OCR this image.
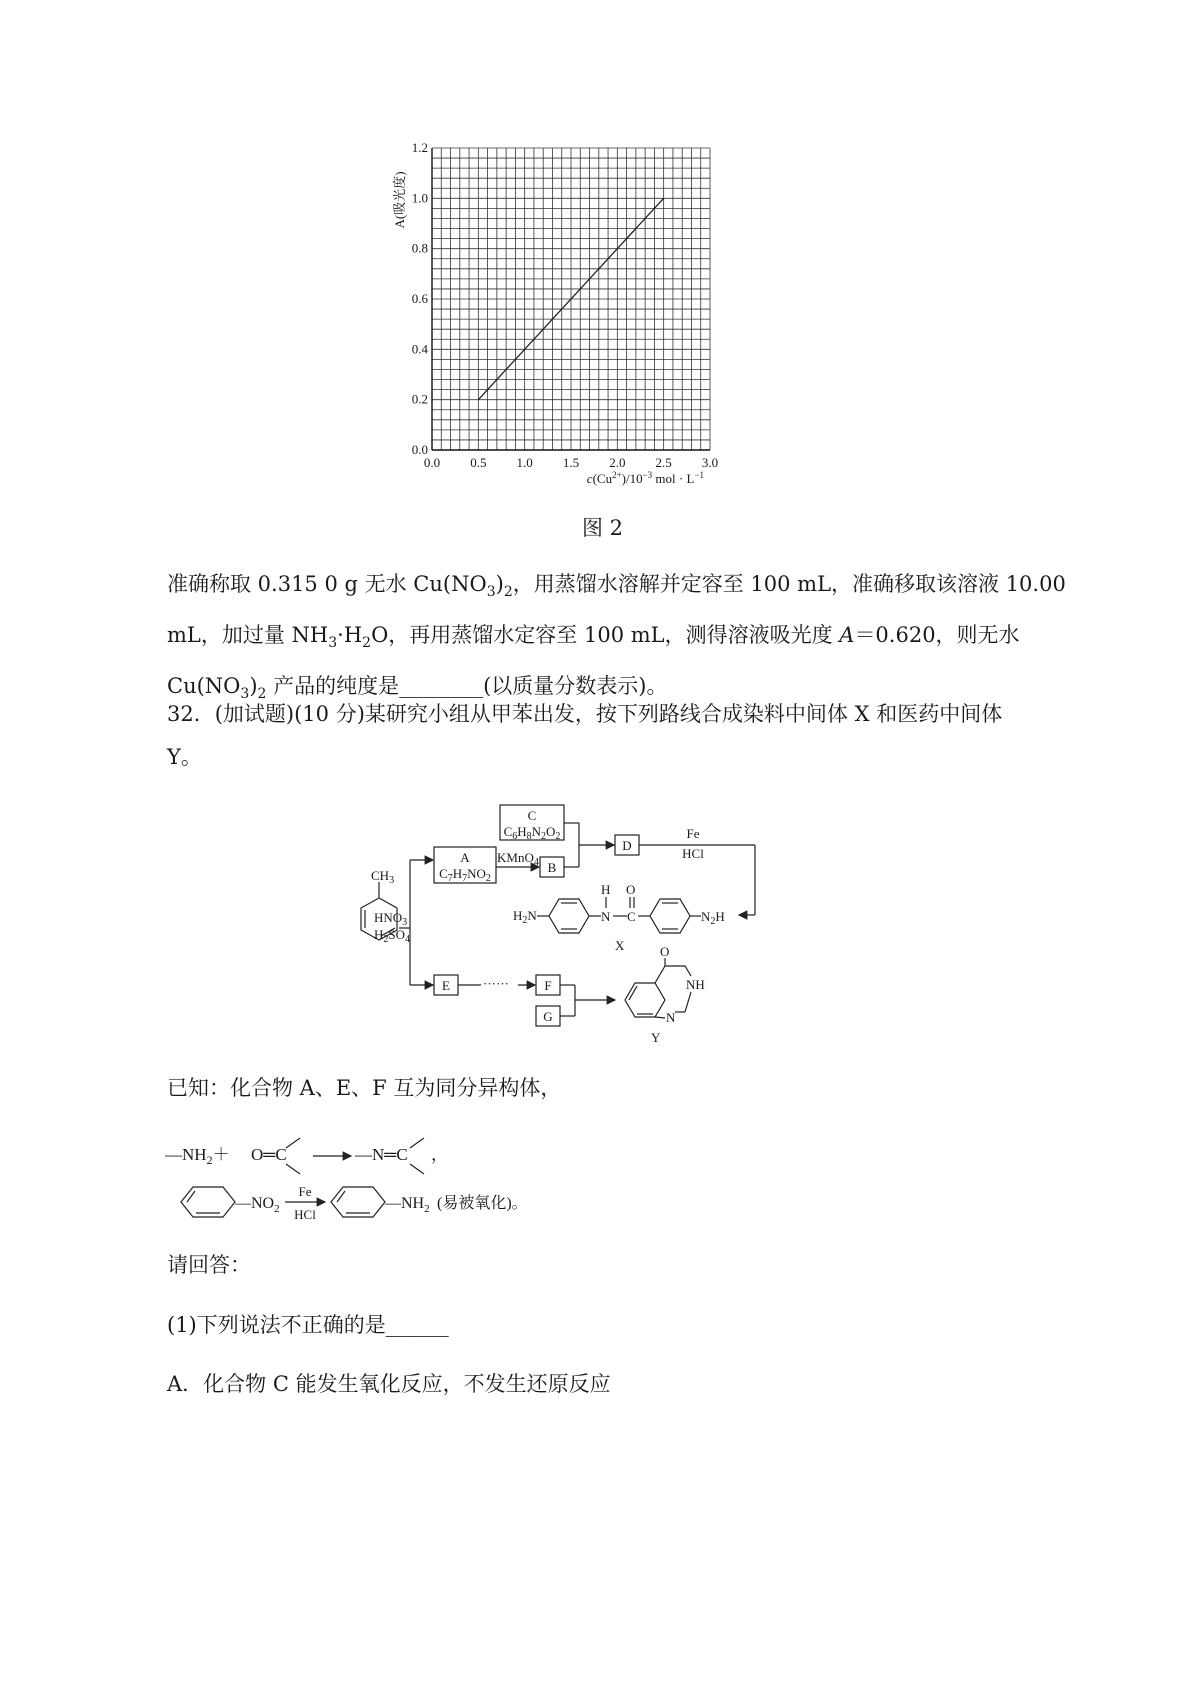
0.0 0.5 1.0 1.5 2.0 2.5 3.0
0.0
0.2
0.4
0.6
0.8
1.0
1.2
A(吸光度)
$c(Cu^{2+})/10^{-3}$ mol · $L^{-1}$
图 2
准确称取 0.315 0 g 无水 $Cu(NO_3)_2$，用蒸馏水溶解并定容至 100 mL，准确移取该溶液 10.00
mL，加过量 $NH_3\cdot H_2O$，再用蒸馏水定容至 100 mL，测得溶液吸光度 A＝0.620，则无水
$Cu(NO_3)_2$ 产品的纯度是________(以质量分数表示)。
32．(加试题)(10 分)某研究小组从甲苯出发，按下列路线合成染料中间体 X 和医药中间体
Y。
$CH_3$
$HNO_3$
$H_2SO_4$
A
$C_7H_7NO_2$
KMnO$_4$ B
C
$C_6H_8N_2O_2$
D
Fe
HCl
$H_2N$	N
H
C
O
$N_2H$
X
E	······	F
G
O
NH
N
Y
已知：化合物 A、E、F 互为同分异构体，
$—NH_2+$ O═C	—N═C ，
$—NO_2$
Fe
HCl
$—NH_2$ (易被氧化)。
请回答：
(1)下列说法不正确的是______
A．化合物 C 能发生氧化反应，不发生还原反应
